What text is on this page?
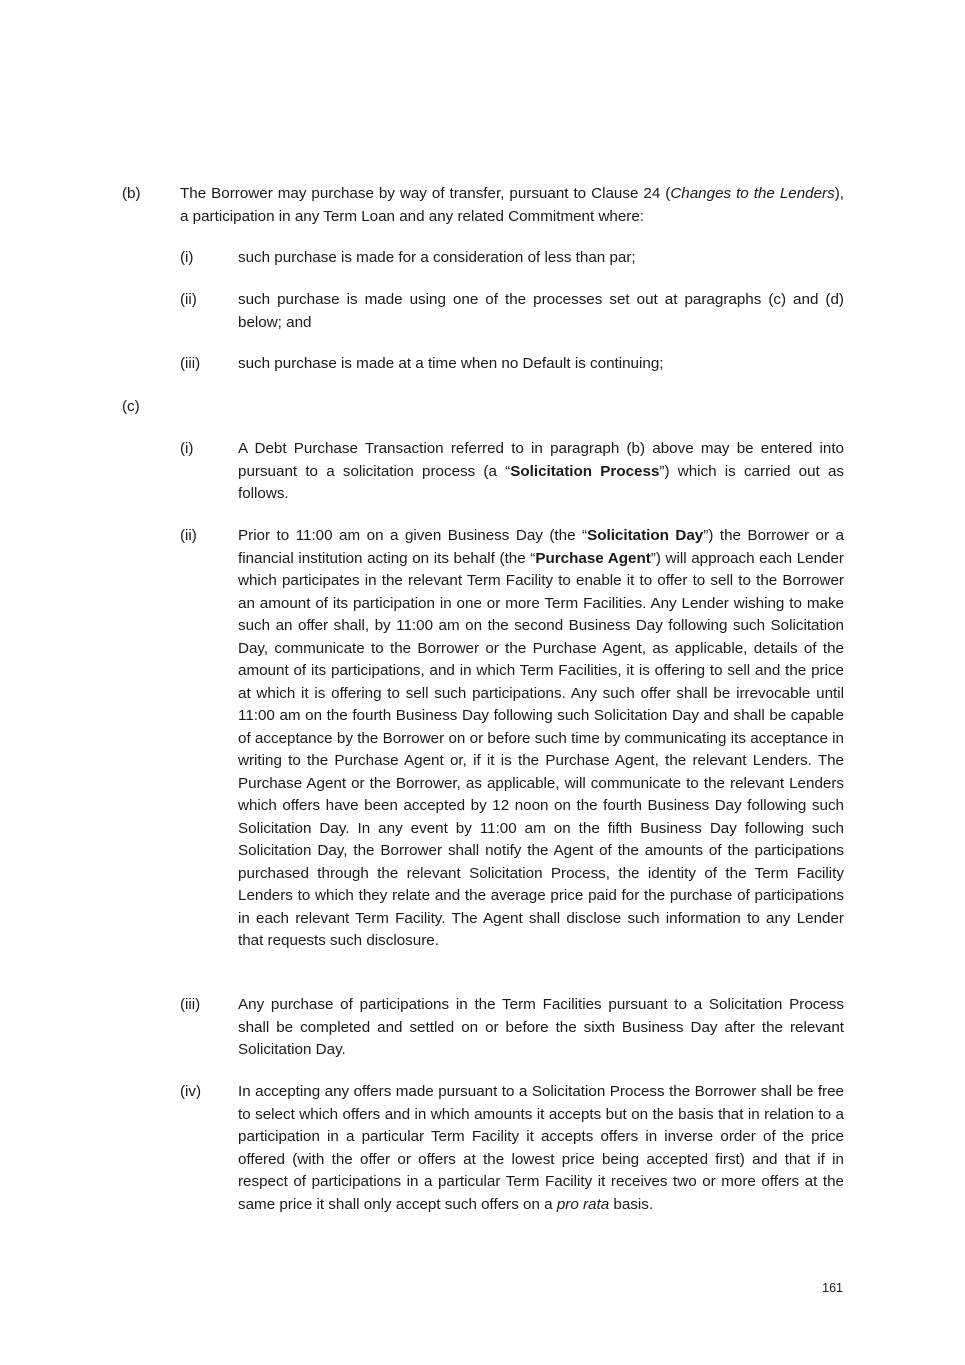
(b)	The Borrower may purchase by way of transfer, pursuant to Clause 24 (Changes to the Lenders), a participation in any Term Loan and any related Commitment where:
(i)	such purchase is made for a consideration of less than par;
(ii)	such purchase is made using one of the processes set out at paragraphs (c) and (d) below; and
(iii) such purchase is made at a time when no Default is continuing;
(c)
(i)	A Debt Purchase Transaction referred to in paragraph (b) above may be entered into pursuant to a solicitation process (a “Solicitation Process”) which is carried out as follows.
(ii)	Prior to 11:00 am on a given Business Day (the “Solicitation Day”) the Borrower or a financial institution acting on its behalf (the “Purchase Agent”) will approach each Lender which participates in the relevant Term Facility to enable it to offer to sell to the Borrower an amount of its participation in one or more Term Facilities. Any Lender wishing to make such an offer shall, by 11:00 am on the second Business Day following such Solicitation Day, communicate to the Borrower or the Purchase Agent, as applicable, details of the amount of its participations, and in which Term Facilities, it is offering to sell and the price at which it is offering to sell such participations. Any such offer shall be irrevocable until 11:00 am on the fourth Business Day following such Solicitation Day and shall be capable of acceptance by the Borrower on or before such time by communicating its acceptance in writing to the Purchase Agent or, if it is the Purchase Agent, the relevant Lenders. The Purchase Agent or the Borrower, as applicable, will communicate to the relevant Lenders which offers have been accepted by 12 noon on the fourth Business Day following such Solicitation Day. In any event by 11:00 am on the fifth Business Day following such Solicitation Day, the Borrower shall notify the Agent of the amounts of the participations purchased through the relevant Solicitation Process, the identity of the Term Facility Lenders to which they relate and the average price paid for the purchase of participations in each relevant Term Facility. The Agent shall disclose such information to any Lender that requests such disclosure.
(iii) Any purchase of participations in the Term Facilities pursuant to a Solicitation Process shall be completed and settled on or before the sixth Business Day after the relevant Solicitation Day.
(iv) In accepting any offers made pursuant to a Solicitation Process the Borrower shall be free to select which offers and in which amounts it accepts but on the basis that in relation to a participation in a particular Term Facility it accepts offers in inverse order of the price offered (with the offer or offers at the lowest price being accepted first) and that if in respect of participations in a particular Term Facility it receives two or more offers at the same price it shall only accept such offers on a pro rata basis.
161
